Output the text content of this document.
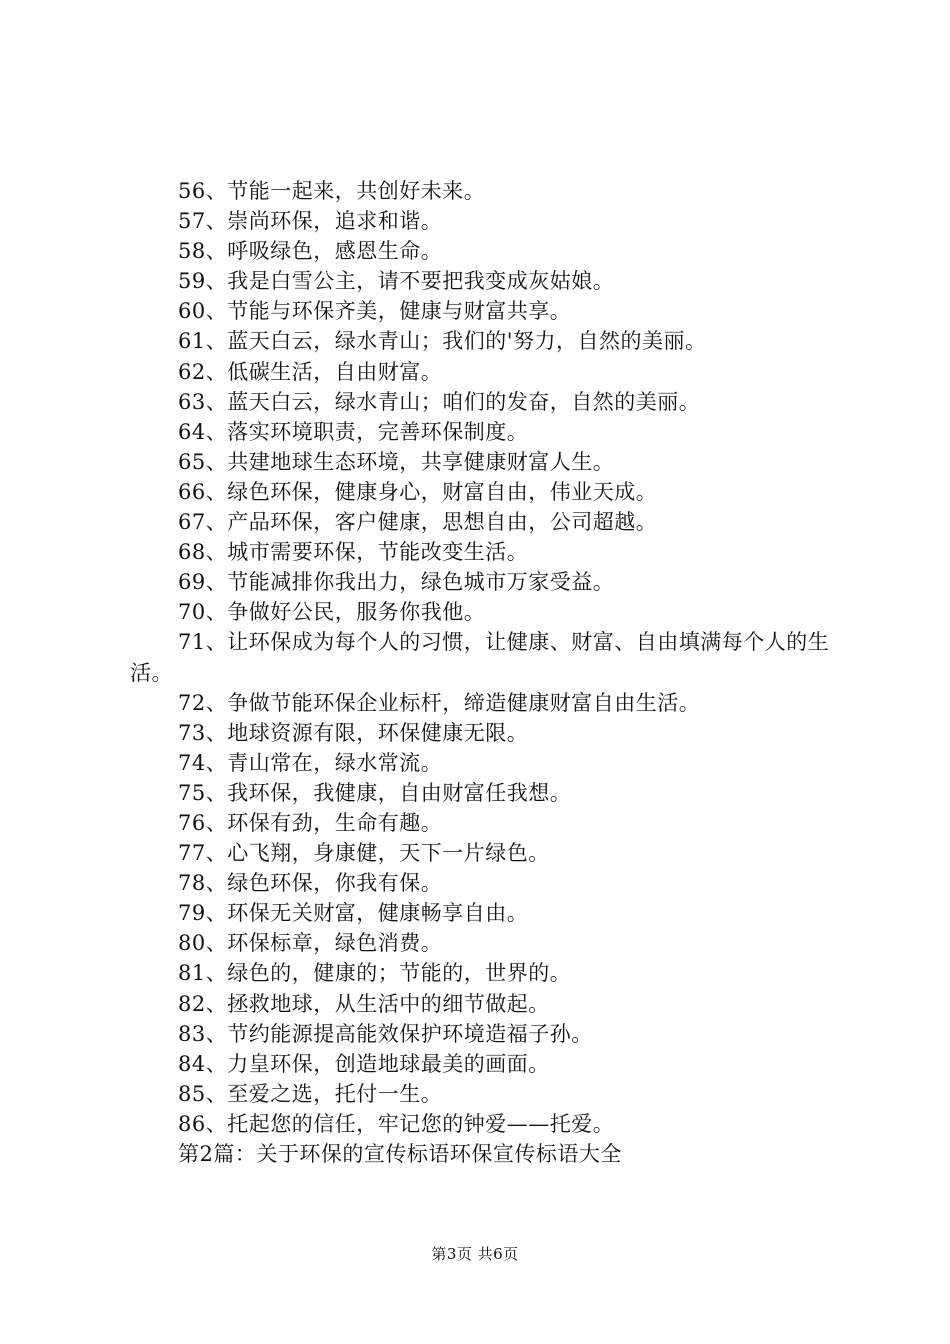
56、节能一起来，共创好未来。
57、崇尚环保，追求和谐。
58、呼吸绿色，感恩生命。
59、我是白雪公主，请不要把我变成灰姑娘。
60、节能与环保齐美，健康与财富共享。
61、蓝天白云，绿水青山；我们的'努力，自然的美丽。
62、低碳生活，自由财富。
63、蓝天白云，绿水青山；咱们的发奋，自然的美丽。
64、落实环境职责，完善环保制度。
65、共建地球生态环境，共享健康财富人生。
66、绿色环保，健康身心，财富自由，伟业天成。
67、产品环保，客户健康，思想自由，公司超越。
68、城市需要环保，节能改变生活。
69、节能减排你我出力，绿色城市万家受益。
70、争做好公民，服务你我他。
71、让环保成为每个人的习惯，让健康、财富、自由填满每个人的生活。
72、争做节能环保企业标杆，缔造健康财富自由生活。
73、地球资源有限，环保健康无限。
74、青山常在，绿水常流。
75、我环保，我健康，自由财富任我想。
76、环保有劲，生命有趣。
77、心飞翔，身康健，天下一片绿色。
78、绿色环保，你我有保。
79、环保无关财富，健康畅享自由。
80、环保标章，绿色消费。
81、绿色的，健康的；节能的，世界的。
82、拯救地球，从生活中的细节做起。
83、节约能源提高能效保护环境造福子孙。
84、力皇环保，创造地球最美的画面。
85、至爱之选，托付一生。
86、托起您的信任，牢记您的钟爱——托爱。
第2篇：关于环保的宣传标语环保宣传标语大全
第3页 共6页
